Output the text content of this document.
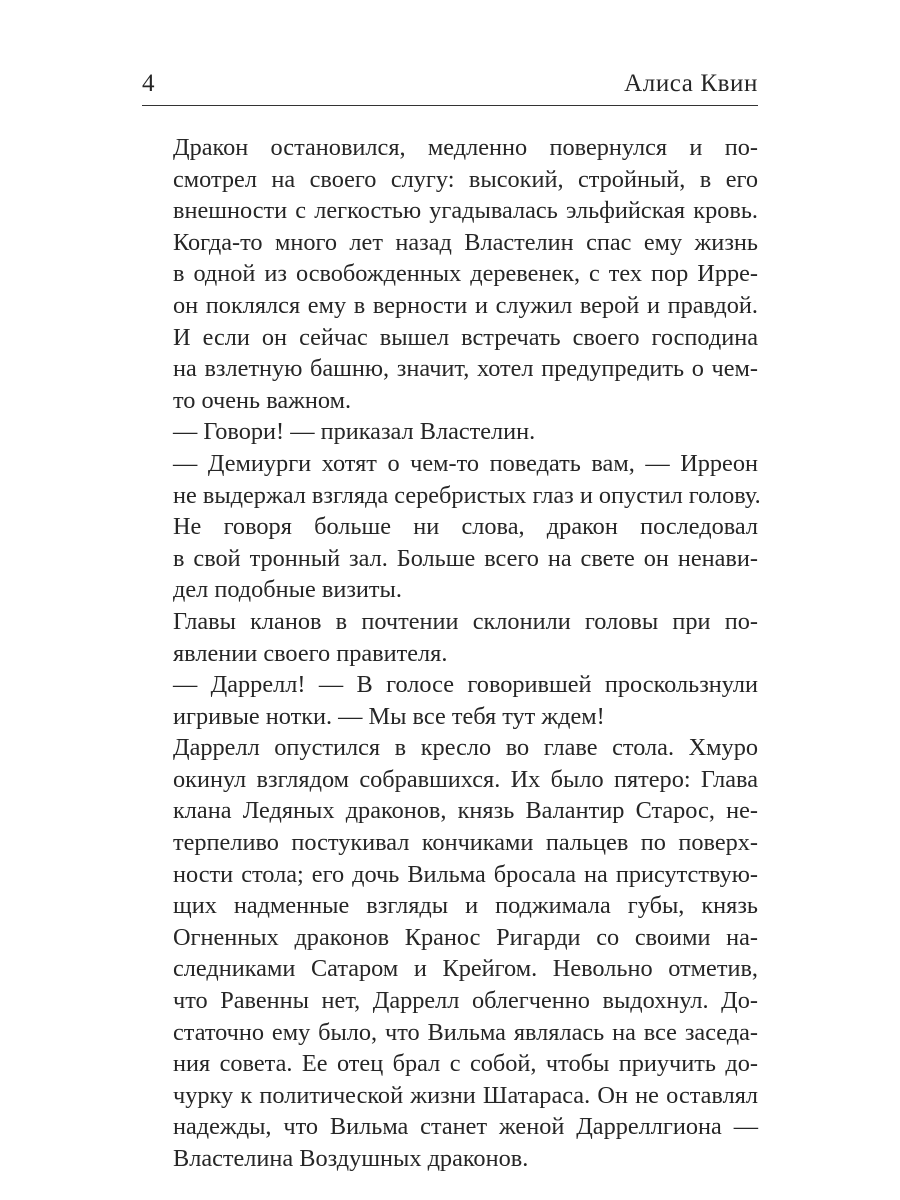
4	Алиса Квин

Дракон остановился, медленно повернулся и по-
смотрел на своего слугу: высокий, стройный, в его
внешности с легкостью угадывалась эльфийская кровь.
Когда-то много лет назад Властелин спас ему жизнь
в одной из освобожденных деревенек, с тех пор Ирре-
он поклялся ему в верности и служил верой и правдой.
И если он сейчас вышел встречать своего господина
на взлетную башню, значит, хотел предупредить о чем-
то очень важном.

— Говори! — приказал Властелин.

— Демиурги хотят о чем-то поведать вам, — Ирреон
не выдержал взгляда серебристых глаз и опустил голову.

Не говоря больше ни слова, дракон последовал
в свой тронный зал. Больше всего на свете он ненави-
дел подобные визиты.

Главы кланов в почтении склонили головы при по-
явлении своего правителя.

— Даррелл! — В голосе говорившей проскользнули
игривые нотки. — Мы все тебя тут ждем!

Даррелл опустился в кресло во главе стола. Хмуро
окинул взглядом собравшихся. Их было пятеро: Глава
клана Ледяных драконов, князь Валантир Старос, не-
терпеливо постукивал кончиками пальцев по поверх-
ности стола; его дочь Вильма бросала на присутствую-
щих надменные взгляды и поджимала губы, князь
Огненных драконов Кранос Ригарди со своими на-
следниками Сатаром и Крейгом. Невольно отметив,
что Равенны нет, Даррелл облегченно выдохнул. До-
статочно ему было, что Вильма являлась на все заседа-
ния совета. Ее отец брал с собой, чтобы приучить до-
чурку к политической жизни Шатараса. Он не оставлял
надежды, что Вильма станет женой Дарреллгиона —
Властелина Воздушных драконов.
